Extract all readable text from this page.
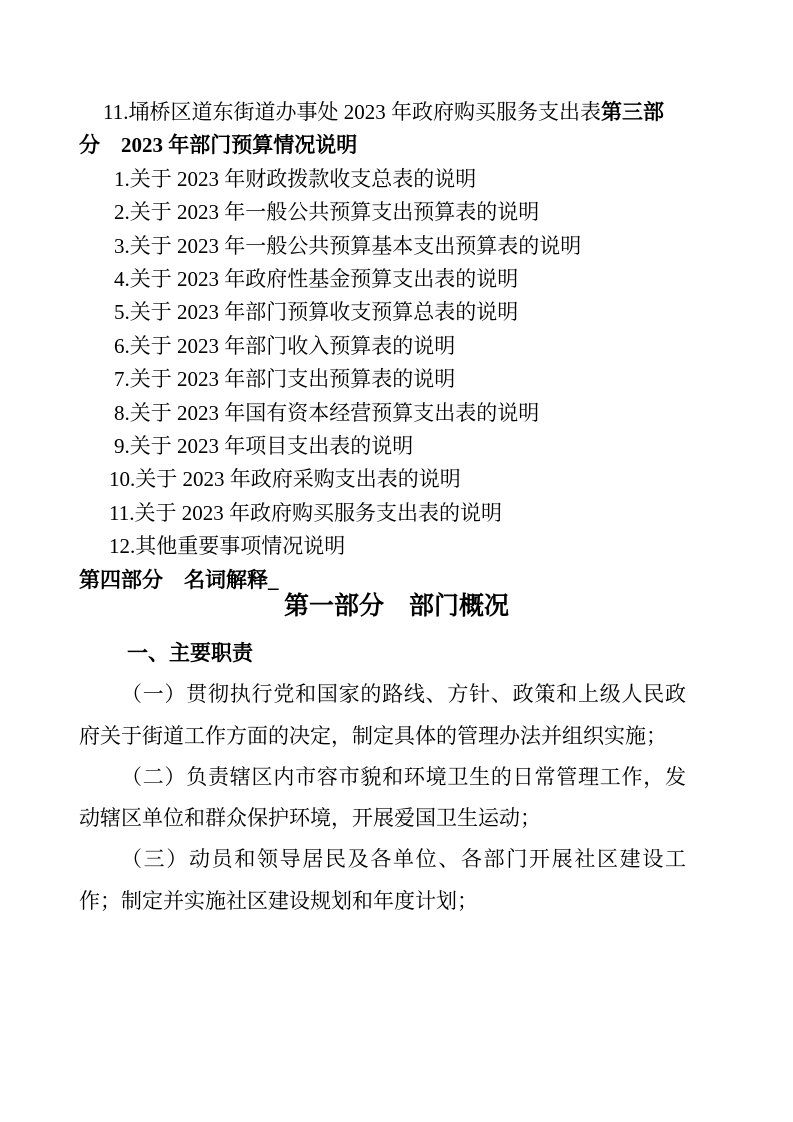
11.埇桥区道东街道办事处 2023 年政府购买服务支出表第三部
分　2023 年部门预算情况说明
1.关于 2023 年财政拨款收支总表的说明
2.关于 2023 年一般公共预算支出预算表的说明
3.关于 2023 年一般公共预算基本支出预算表的说明
4.关于 2023 年政府性基金预算支出表的说明
5.关于 2023 年部门预算收支预算总表的说明
6.关于 2023 年部门收入预算表的说明
7.关于 2023 年部门支出预算表的说明
8.关于 2023 年国有资本经营预算支出表的说明
9.关于 2023 年项目支出表的说明
10.关于 2023 年政府采购支出表的说明
11.关于 2023 年政府购买服务支出表的说明
12.其他重要事项情况说明
第四部分　名词解释_
第一部分　部门概况
一、主要职责

（一）贯彻执行党和国家的路线、方针、政策和上级人民政府关于街道工作方面的决定，制定具体的管理办法并组织实施；

（二）负责辖区内市容市貌和环境卫生的日常管理工作，发动辖区单位和群众保护环境，开展爱国卫生运动；

（三）动员和领导居民及各单位、各部门开展社区建设工作；制定并实施社区建设规划和年度计划；
